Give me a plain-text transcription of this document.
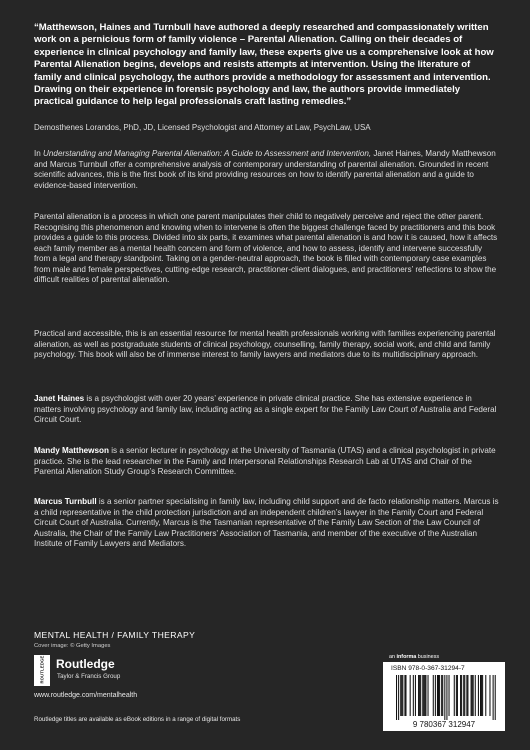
“Matthewson, Haines and Turnbull have authored a deeply researched and compassionately written work on a pernicious form of family violence – Parental Alienation. Calling on their decades of experience in clinical psychology and family law, these experts give us a comprehensive look at how Parental Alienation begins, develops and resists attempts at intervention. Using the literature of family and clinical psychology, the authors provide a methodology for assessment and intervention. Drawing on their experience in forensic psychology and law, the authors provide immediately practical guidance to help legal professionals craft lasting remedies.”

Demosthenes Lorandos, PhD, JD, Licensed Psychologist and Attorney at Law, PsychLaw, USA

In Understanding and Managing Parental Alienation: A Guide to Assessment and Intervention, Janet Haines, Mandy Matthewson and Marcus Turnbull offer a comprehensive analysis of contemporary understanding of parental alienation. Grounded in recent scientific advances, this is the first book of its kind providing resources on how to identify parental alienation and a guide to evidence-based intervention.

Parental alienation is a process in which one parent manipulates their child to negatively perceive and reject the other parent. Recognising this phenomenon and knowing when to intervene is often the biggest challenge faced by practitioners and this book provides a guide to this process. Divided into six parts, it examines what parental alienation is and how it is caused, how it affects each family member as a mental health concern and form of violence, and how to assess, identify and intervene successfully from a legal and therapy standpoint. Taking on a gender-neutral approach, the book is filled with contemporary case examples from male and female perspectives, cutting-edge research, practitioner-client dialogues, and practitioners’ reflections to show the difficult realities of parental alienation.

Practical and accessible, this is an essential resource for mental health professionals working with families experiencing parental alienation, as well as postgraduate students of clinical psychology, counselling, family therapy, social work, and child and family psychology. This book will also be of immense interest to family lawyers and mediators due to its multidisciplinary approach.

Janet Haines is a psychologist with over 20 years’ experience in private clinical practice. She has extensive experience in matters involving psychology and family law, including acting as a single expert for the Family Law Court of Australia and Federal Circuit Court.

Mandy Matthewson is a senior lecturer in psychology at the University of Tasmania (UTAS) and a clinical psychologist in private practice. She is the lead researcher in the Family and Interpersonal Relationships Research Lab at UTAS and Chair of the Parental Alienation Study Group’s Research Committee.

Marcus Turnbull is a senior partner specialising in family law, including child support and de facto relationship matters. Marcus is a child representative in the child protection jurisdiction and an independent children’s lawyer in the Family Court and Federal Circuit Court of Australia. Currently, Marcus is the Tasmanian representative of the Family Law Section of the Law Council of Australia, the Chair of the Family Law Practitioners’ Association of Tasmania, and member of the executive of the Australian Institute of Family Lawyers and Mediators.

MENTAL HEALTH / FAMILY THERAPY
Cover image: © Getty Images
ROUTLEDGE Routledge
Taylor & Francis Group
www.routledge.com/mentalhealth
Routledge titles are available as eBook editions in a range of digital formats
an informa business
ISBN 978-0-367-31294-7
9 780367 312947
